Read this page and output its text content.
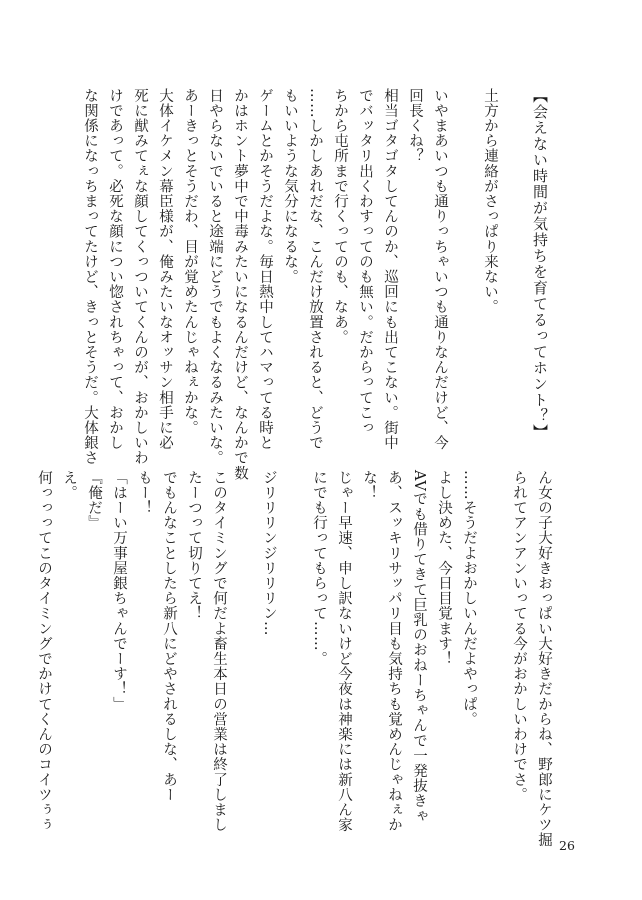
【会えない時間が気持ちを育てるってホント？】
土方から連絡がさっぱり来ない。
いやまあいつも通りっちゃいつも通りなんだけど、今
回長くね？
相当ゴタゴタしてんのか、巡回にも出てこない。街中
でバッタリ出くわすってのも無い。だからってこっ
ちから屯所まで行くってのも、なあ。
……しかしあれだな、こんだけ放置されると、どうで
もいいような気分になるな。
ゲームとかそうだよな。毎日熱中してハマってる時と
かはホント夢中で中毒みたいになるんだけど、なんかで数
日やらないでいると途端にどうでもよくなるみたいな。
あーきっとそうだわ、目が覚めたんじゃねぇかな。
大体イケメン幕臣様が、俺みたいなオッサン相手に必
死に猷みてぇな顔してくっついてくんのが、おかしいわ
けであって。必死な顔につい惚されちゃって、おかし
な関係になっちまってたけど、きっとそうだ。大体銀さ
ん女の子大好きおっぱい大好きだからね、野郎にケツ掘
られてアンアンいってる今がおかしいわけでさ。
……そうだよおかしいんだよやっぱ。
よし決めた、今日目覚ます！
AVでも借りてきて巨乳のおねーちゃんで一発抜きゃ
あ、スッキリサッパリ目も気持ちも覚めんじゃねぇか
な！
じゃー早速、申し訳ないけど今夜は神楽には新八ん家
にでも行ってもらって……。
ジリリリンジリリリン…
このタイミングで何だよ畜生本日の営業は終了しまし
たーつって切りてえ！
でもんなことしたら新八にどやされるしな、あー
もー！
「はーい万事屋銀ちゃんでーす！」
『俺だ』
え。
何っっってこのタイミングでかけてくんのコイツぅぅ
26
